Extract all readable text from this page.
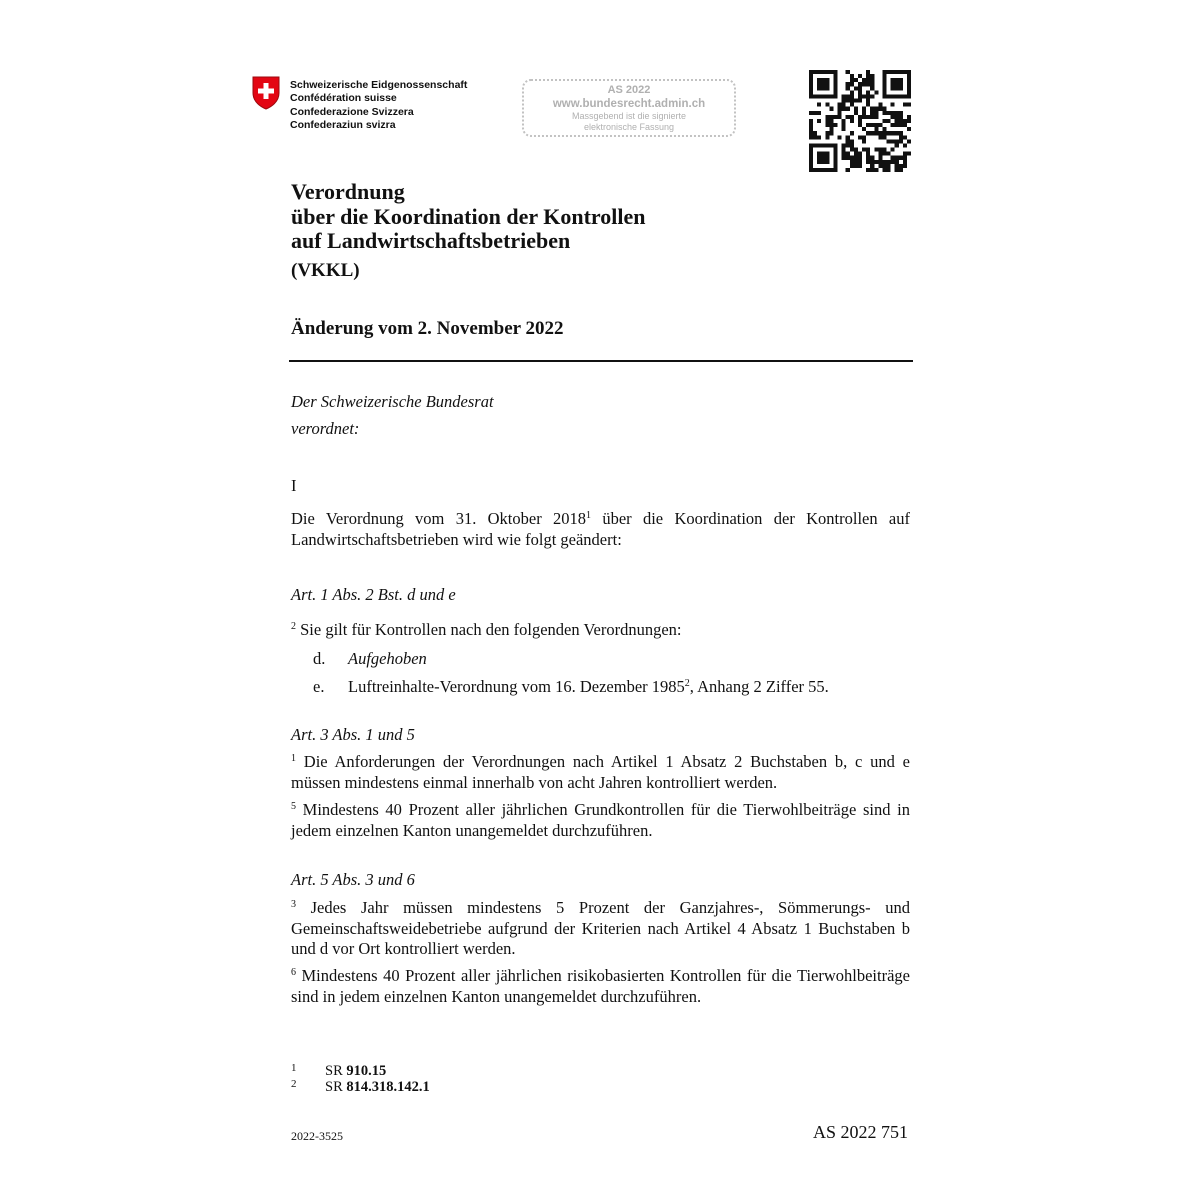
Schweizerische Eidgenossenschaft
Confédération suisse
Confederazione Svizzera
Confederaziun svizra
AS 2022
www.bundesrecht.admin.ch
Massgebend ist die signierte
elektronische Fassung
Verordnung
über die Koordination der Kontrollen
auf Landwirtschaftsbetrieben
(VKKL)
Änderung vom 2. November 2022
Der Schweizerische Bundesrat
verordnet:
I
Die Verordnung vom 31. Oktober 2018$^1$ über die Koordination der Kontrollen auf Landwirtschaftsbetrieben wird wie folgt geändert:
Art. 1 Abs. 2 Bst. d und e
$^2$ Sie gilt für Kontrollen nach den folgenden Verordnungen:
d. Aufgehoben
e. Luftreinhalte-Verordnung vom 16. Dezember 1985$^2$, Anhang 2 Ziffer 55.
Art. 3 Abs. 1 und 5
$^1$ Die Anforderungen der Verordnungen nach Artikel 1 Absatz 2 Buchstaben b, c und e müssen mindestens einmal innerhalb von acht Jahren kontrolliert werden.
$^5$ Mindestens 40 Prozent aller jährlichen Grundkontrollen für die Tierwohlbeiträge sind in jedem einzelnen Kanton unangemeldet durchzuführen.
Art. 5 Abs. 3 und 6
$^3$ Jedes Jahr müssen mindestens 5 Prozent der Ganzjahres-, Sömmerungs- und Gemeinschaftsweidebetriebe aufgrund der Kriterien nach Artikel 4 Absatz 1 Buchstaben b und d vor Ort kontrolliert werden.
$^6$ Mindestens 40 Prozent aller jährlichen risikobasierten Kontrollen für die Tierwohlbeiträge sind in jedem einzelnen Kanton unangemeldet durchzuführen.
1 SR 910.15
2 SR 814.318.142.1
2022-3525	AS 2022 751
